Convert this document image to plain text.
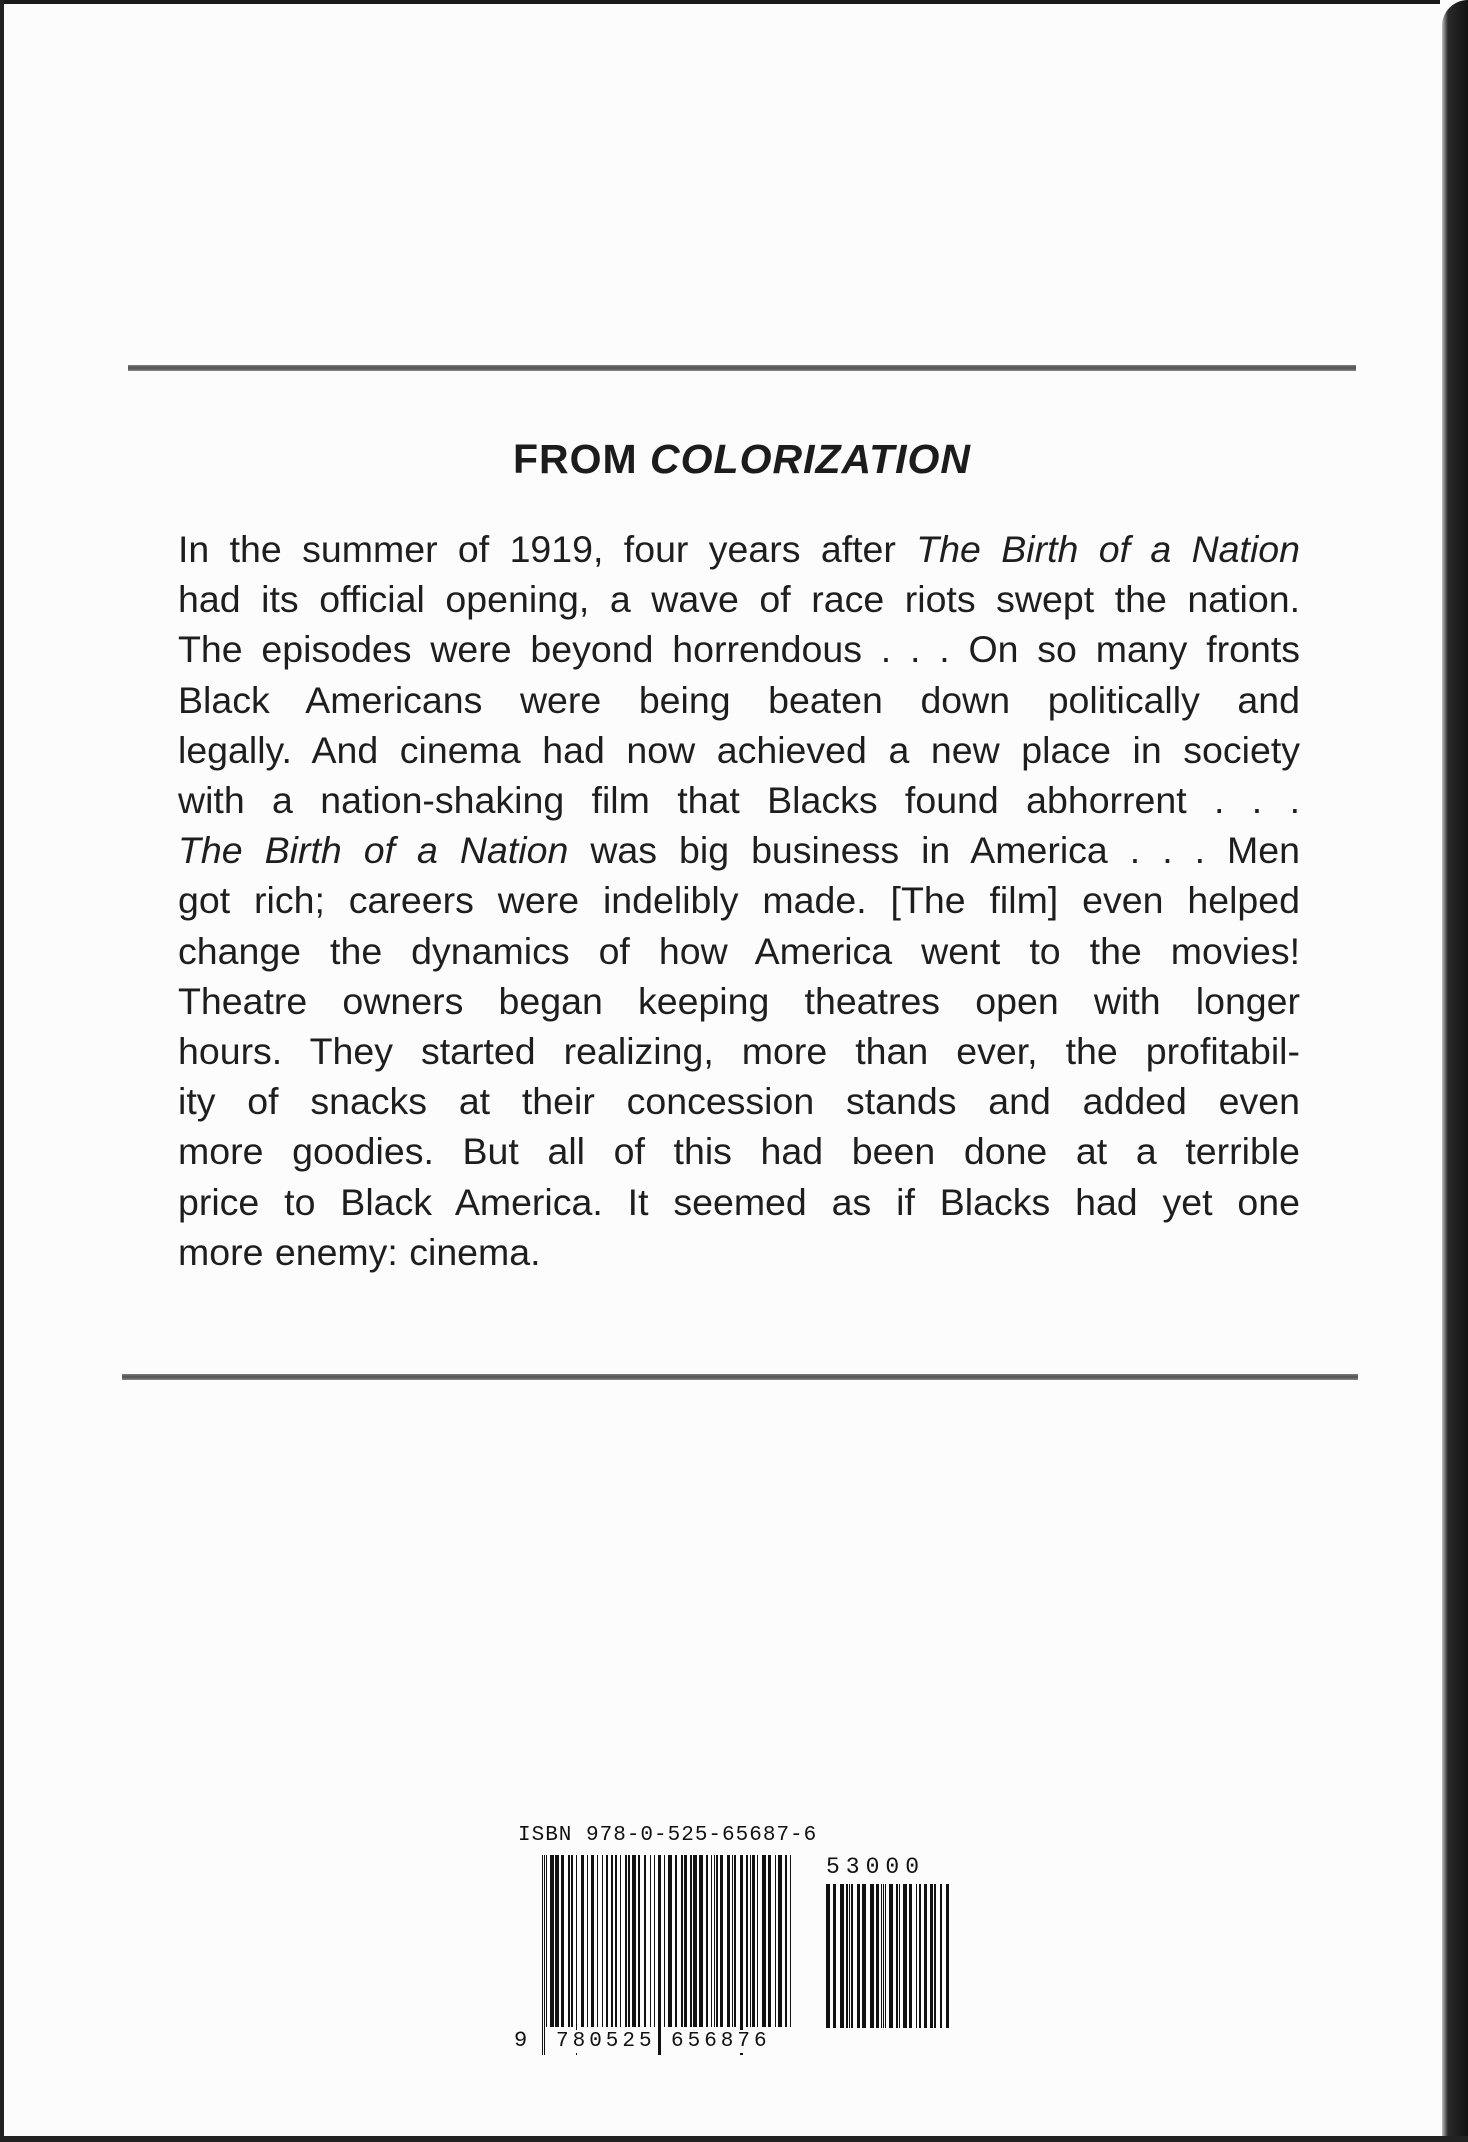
FROM COLORIZATION
In the summer of 1919, four years after The Birth of a Nation
had its official opening, a wave of race riots swept the nation.
The episodes were beyond horrendous . . . On so many fronts
Black Americans were being beaten down politically and
legally. And cinema had now achieved a new place in society
with a nation-shaking film that Blacks found abhorrent . . .
The Birth of a Nation was big business in America . . . Men
got rich; careers were indelibly made. [The film] even helped
change the dynamics of how America went to the movies!
Theatre owners began keeping theatres open with longer
hours. They started realizing, more than ever, the profitabil-
ity of snacks at their concession stands and added even
more goodies. But all of this had been done at a terrible
price to Black America. It seemed as if Blacks had yet one
more enemy: cinema.
ISBN 978-0-525-65687-6
53000
9 780525 656876
